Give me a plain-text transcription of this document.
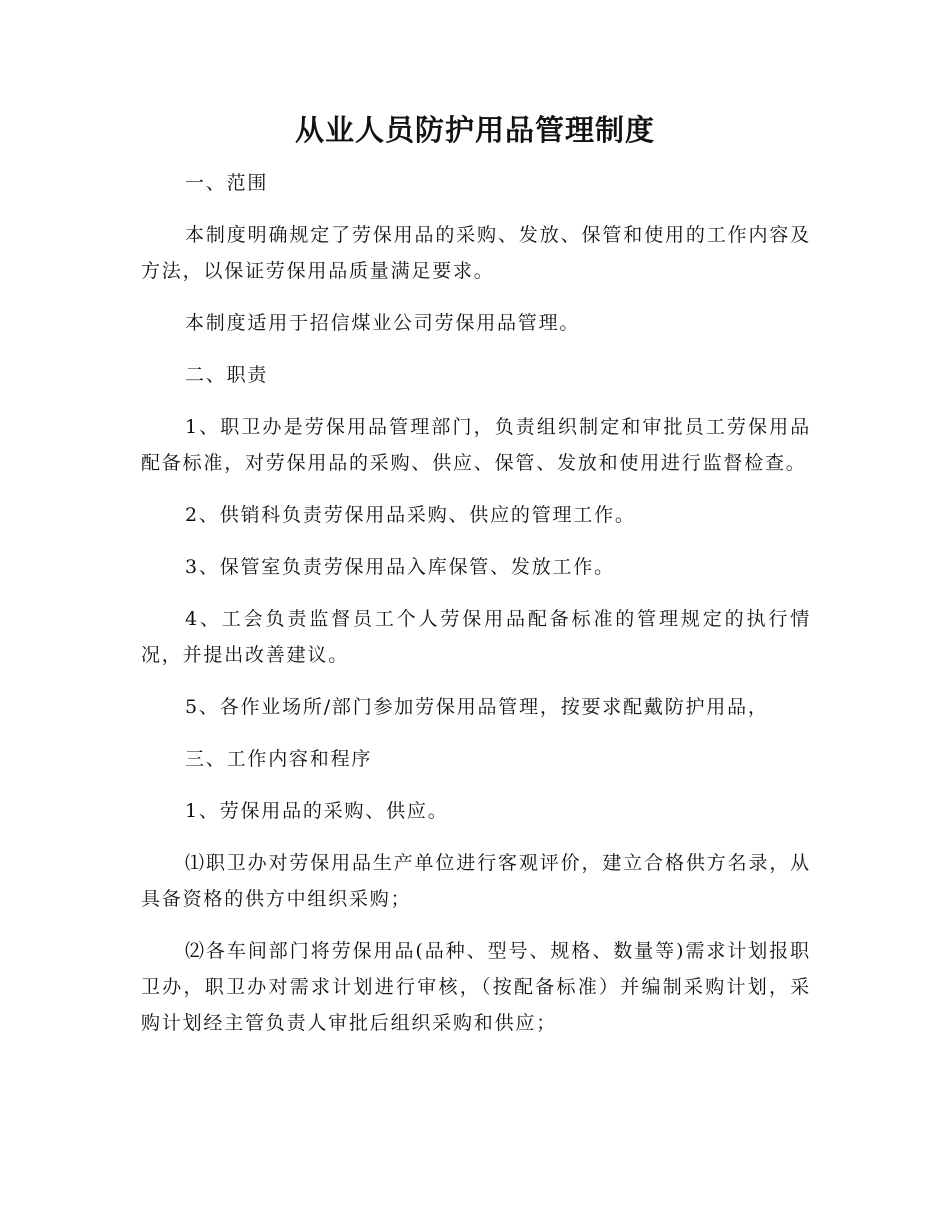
从业人员防护用品管理制度

一、范围

本制度明确规定了劳保用品的采购、发放、保管和使用的工作内容及方法，以保证劳保用品质量满足要求。

本制度适用于招信煤业公司劳保用品管理。

二、职责

1、职卫办是劳保用品管理部门，负责组织制定和审批员工劳保用品配备标准，对劳保用品的采购、供应、保管、发放和使用进行监督检查。

2、供销科负责劳保用品采购、供应的管理工作。

3、保管室负责劳保用品入库保管、发放工作。

4、工会负责监督员工个人劳保用品配备标准的管理规定的执行情况，并提出改善建议。

5、各作业场所/部门参加劳保用品管理，按要求配戴防护用品，

三、工作内容和程序

1、劳保用品的采购、供应。

⑴职卫办对劳保用品生产单位进行客观评价，建立合格供方名录，从具备资格的供方中组织采购；

⑵各车间部门将劳保用品(品种、型号、规格、数量等)需求计划报职卫办，职卫办对需求计划进行审核，（按配备标准）并编制采购计划，采购计划经主管负责人审批后组织采购和供应；
